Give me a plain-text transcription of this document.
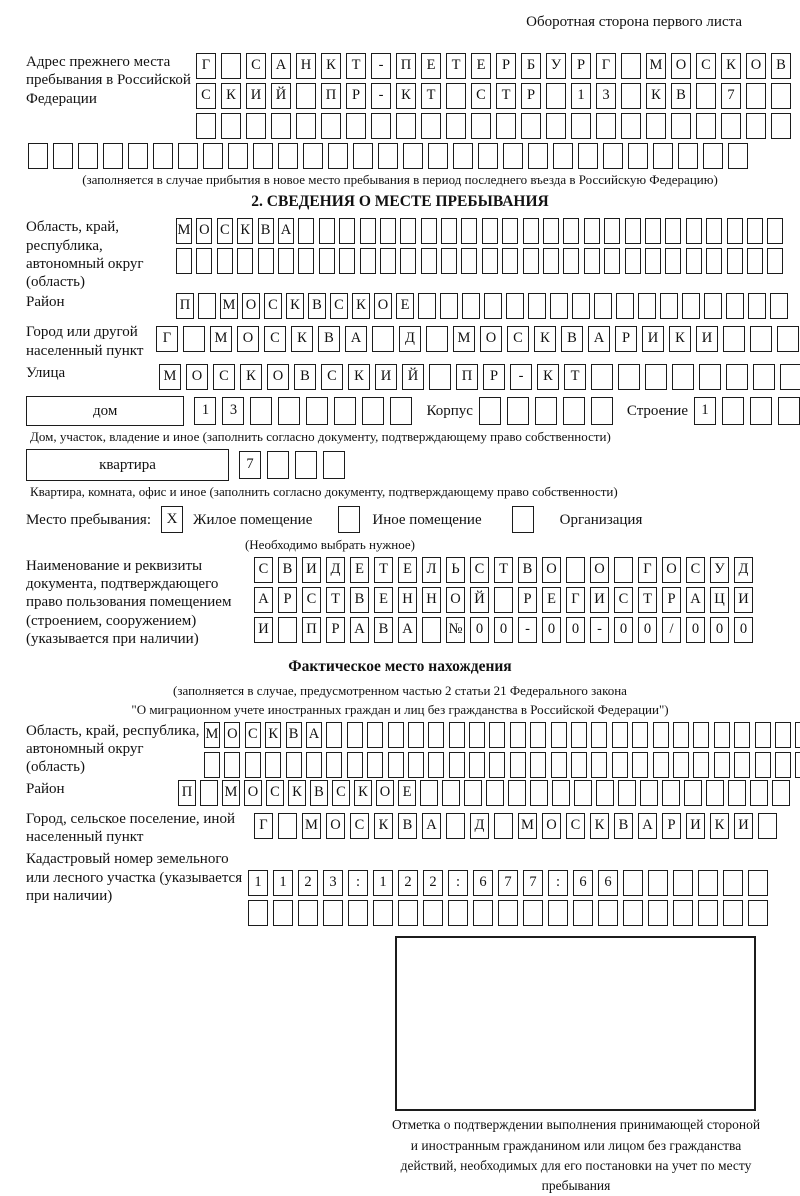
Оборотная сторона первого листа
Адрес прежнего места пребывания в Российской Федерации
Г	С	А	Н	К	Т	-	П	Е	Т	Е	Р	Б	У	Р	Г	М О	С	К	О	В
С	К	И	Й	П	Р	-	К	Т	С	Т	Р	1	3	К	В	7
(заполняется в случае прибытия в новое место пребывания в период последнего въезда в Российскую Федерацию)
2. СВЕДЕНИЯ О МЕСТЕ ПРЕБЫВАНИЯ
Область, край, республика, автономный округ (область)
М О С К В А
Район	П М О С К В С К О Е
Город или другой населенный пункт
Г	М	О	С	К	В	А	Д	М	О	С	К	В	А	Р	И	К	И
Улица	М	О	С	К	О	В	С	К	И	Й	П	Р	-	К	Т
дом	1	3	Корпус	Строение 1
Дом, участок, владение и иное (заполнить согласно документу, подтверждающему право собственности)
квартира	7
Квартира, комната, офис и иное (заполнить согласно документу, подтверждающему право собственности)
Место пребывания:	X	Жилое помещение	Иное помещение	Организация
(Необходимо выбрать нужное)
Наименование и реквизиты документа, подтверждающего право пользования помещением (строением, сооружением) (указывается при наличии)
С В И Д	Е	Т	Е	Л	Ь	С	Т	В О	О	Г	О С У Д
А	Р	С	Т	В	Е Н Н О Й	Р	Е	Г	И С	Т	Р	А Ц И
И	П	Р	А В А № 0	0	-	0	0	-	0	0	/	0	0	0
Фактическое место нахождения
(заполняется в случае, предусмотренном частью 2 статьи 21 Федерального закона
"О миграционном учете иностранных граждан и лиц без гражданства в Российской Федерации")
Область, край, республика, автономный округ (область)
М О С К В А
Район	П М О С К В С К О Е
Город, сельское поселение, иной населенный пункт
Г	М О С К В А	Д	М О С К В А	Р	И К И
Кадастровый номер земельного или лесного участка (указывается при наличии)
1	1	2	3	:	1	2	2	:	6	7	7	:	6	6
Отметка о подтверждении выполнения принимающей стороной и иностранным гражданином или лицом без гражданства действий, необходимых для его постановки на учет по месту пребывания
